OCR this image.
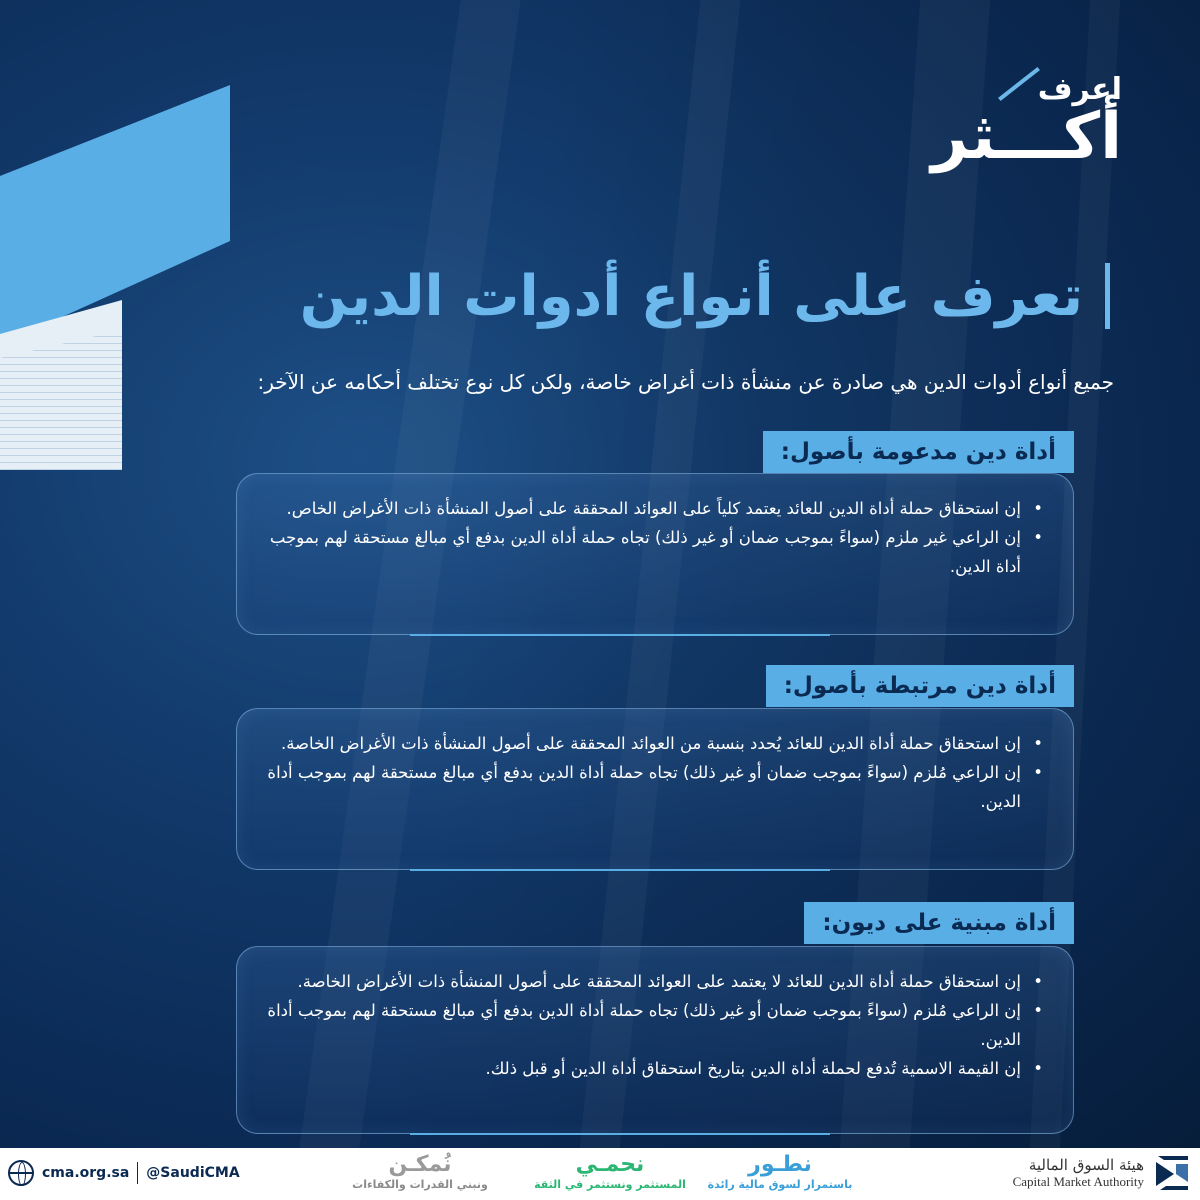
اعرف
أكـــثر
تعرف على أنواع أدوات الدين
جميع أنواع أدوات الدين هي صادرة عن منشأة ذات أغراض خاصة، ولكن كل نوع تختلف أحكامه عن الآخر:
أداة دين مدعومة بأصول:
• إن استحقاق حملة أداة الدين للعائد يعتمد كلياً على العوائد المحققة على أصول المنشأة ذات الأغراض الخاص.
• إن الراعي غير ملزم (سواءً بموجب ضمان أو غير ذلك) تجاه حملة أداة الدين بدفع أي مبالغ مستحقة لهم بموجب أداة الدين.
أداة دين مرتبطة بأصول:
• إن استحقاق حملة أداة الدين للعائد يُحدد بنسبة من العوائد المحققة على أصول المنشأة ذات الأغراض الخاصة.
• إن الراعي مُلزم (سواءً بموجب ضمان أو غير ذلك) تجاه حملة أداة الدين بدفع أي مبالغ مستحقة لهم بموجب أداة الدين.
أداة مبنية على ديون:
• إن استحقاق حملة أداة الدين للعائد لا يعتمد على العوائد المحققة على أصول المنشأة ذات الأغراض الخاصة.
• إن الراعي مُلزم (سواءً بموجب ضمان أو غير ذلك) تجاه حملة أداة الدين بدفع أي مبالغ مستحقة لهم بموجب أداة الدين.
• إن القيمة الاسمية تُدفع لحملة أداة الدين بتاريخ استحقاق أداة الدين أو قبل ذلك.
cma.org.sa @SaudiCMA	نُمكـن
ونبني القدرات والكفاءات
نحمـي
المستثمر ونستثمر في الثقة
نطـور
باستمرار لسوق مالية رائدة
هيئة السوق المالية
Capital Market Authority
